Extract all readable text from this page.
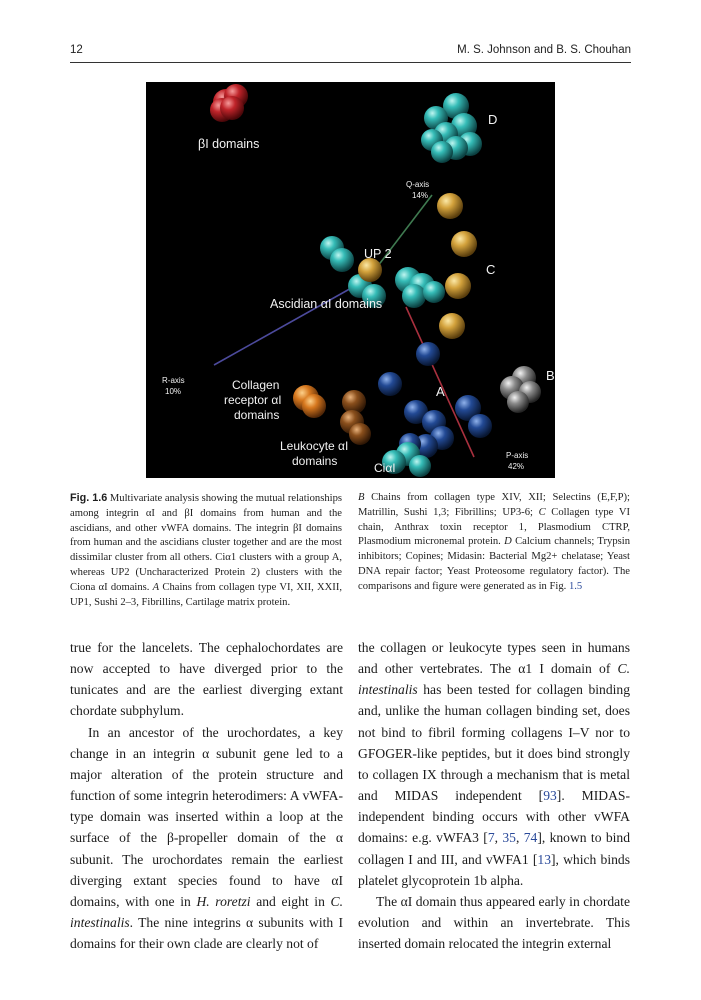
12	M. S. Johnson and B. S. Chouhan
βI domains
D
Q-axis
14%
UP 2
C
Ascidian αI domains
R-axis
10%	Collagen
receptor αI
domains
A
B
Leukocyte αI
domains	CiαI
P-axis
42%
Fig. 1.6 Multivariate analysis showing the mutual relationships among integrin αI and βI domains from human and the ascidians, and other vWFA domains. The integrin βI domains from human and the ascidians cluster together and are the most dissimilar cluster from all others. Ciα1 clusters with a group A, whereas UP2 (Uncharacterized Protein 2) clusters with the Ciona αI domains. A Chains from collagen type VI, XII, XXII, UP1, Sushi 2–3, Fibrillins, Cartilage matrix protein.
B Chains from collagen type XIV, XII; Selectins (E,F,P); Matrillin, Sushi 1,3; Fibrillins; UP3-6; C Collagen type VI chain, Anthrax toxin receptor 1, Plasmodium CTRP, Plasmodium micronemal protein. D Calcium channels; Trypsin inhibitors; Copines; Midasin: Bacterial Mg2+ chelatase; Yeast DNA repair factor; Yeast Proteosome regulatory factor). The comparisons and figure were generated as in Fig. 1.5

true for the lancelets. The cephalochordates are now accepted to have diverged prior to the tunicates and are the earliest diverging extant chordate subphylum.

In an ancestor of the urochordates, a key change in an integrin α subunit gene led to a major alteration of the protein structure and function of some integrin heterodimers: A vWFA-type domain was inserted within a loop at the surface of the β-propeller domain of the α subunit. The urochordates remain the earliest diverging extant species found to have αI domains, with one in H. roretzi and eight in C. intestinalis. The nine integrins α subunits with I domains for their own clade are clearly not of

the collagen or leukocyte types seen in humans and other vertebrates. The α1 I domain of C. intestinalis has been tested for collagen binding and, unlike the human collagen binding set, does not bind to fibril forming collagens I–V nor to GFOGER-like peptides, but it does bind strongly to collagen IX through a mechanism that is metal and MIDAS independent [93]. MIDAS-independent binding occurs with other vWFA domains: e.g. vWFA3 [7, 35, 74], known to bind collagen I and III, and vWFA1 [13], which binds platelet glycoprotein 1b alpha.

The αI domain thus appeared early in chordate evolution and within an invertebrate. This inserted domain relocated the integrin external
